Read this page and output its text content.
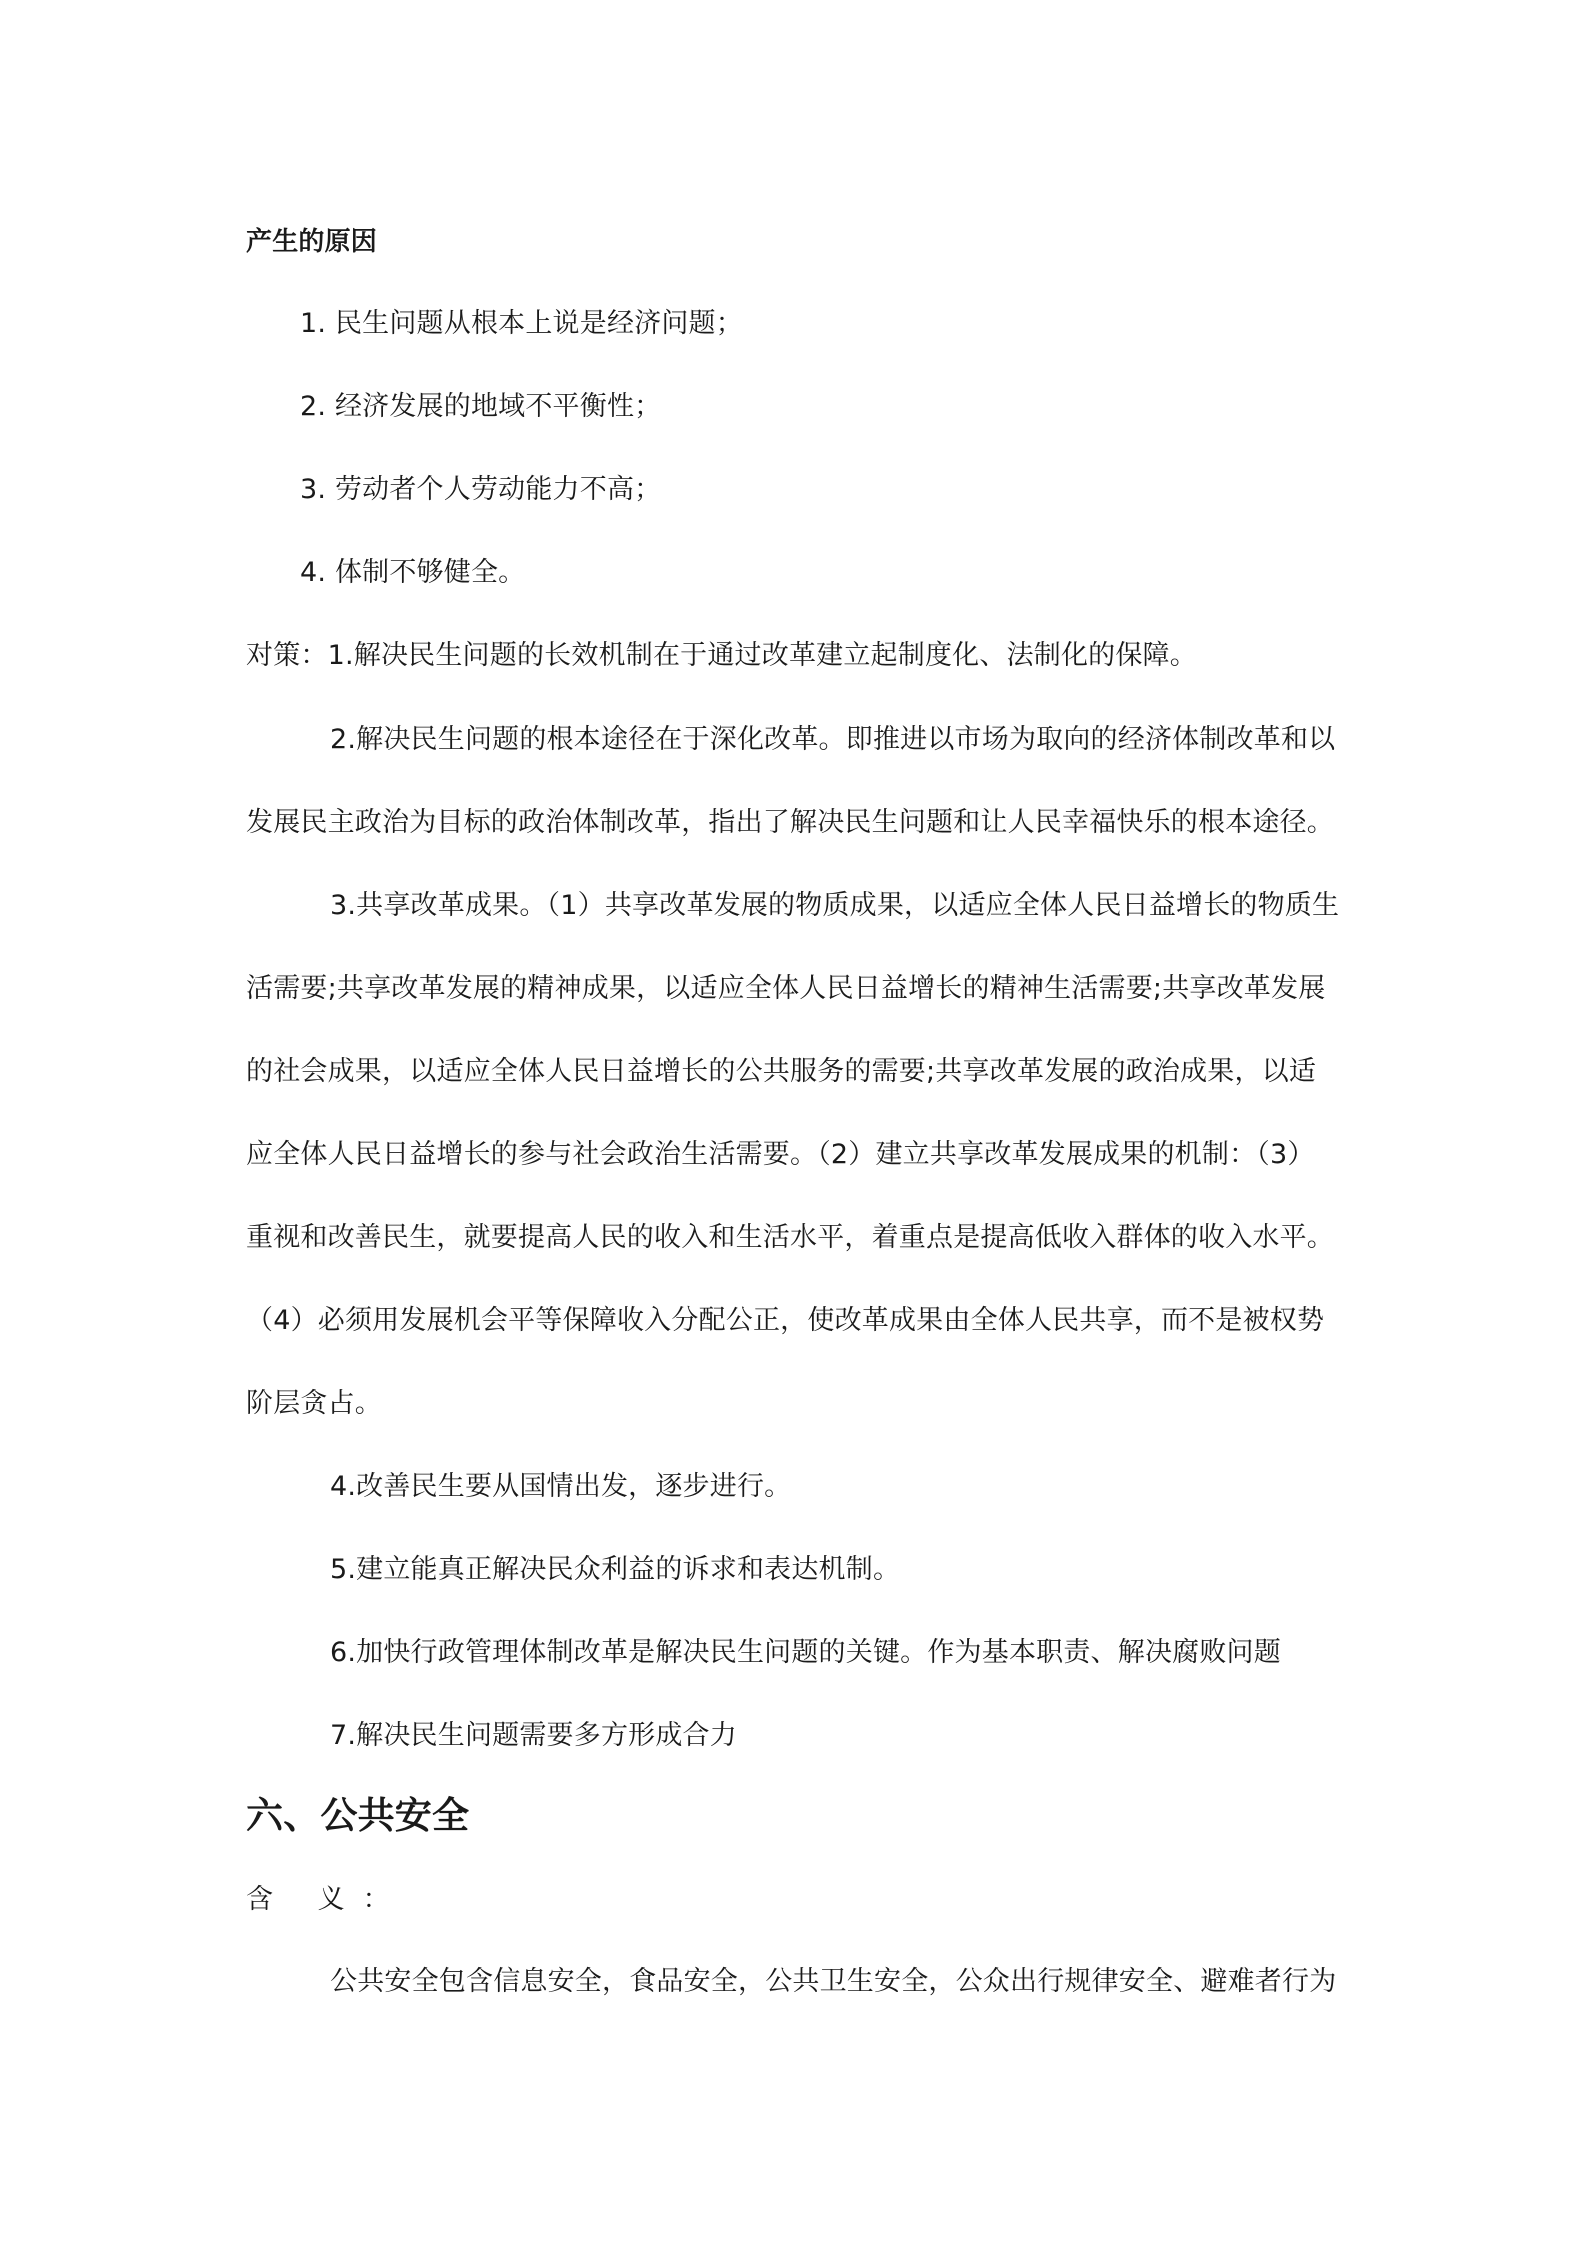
产生的原因
1. 民生问题从根本上说是经济问题；
2. 经济发展的地域不平衡性；
3. 劳动者个人劳动能力不高；
4. 体制不够健全。
对策：1.解决民生问题的长效机制在于通过改革建立起制度化、法制化的保障。
2.解决民生问题的根本途径在于深化改革。即推进以市场为取向的经济体制改革和以
发展民主政治为目标的政治体制改革，指出了解决民生问题和让人民幸福快乐的根本途径。
3.共享改革成果。（1）共享改革发展的物质成果，以适应全体人民日益增长的物质生
活需要;共享改革发展的精神成果，以适应全体人民日益增长的精神生活需要;共享改革发展
的社会成果，以适应全体人民日益增长的公共服务的需要;共享改革发展的政治成果，以适
应全体人民日益增长的参与社会政治生活需要。（2）建立共享改革发展成果的机制：（3）
重视和改善民生，就要提高人民的收入和生活水平，着重点是提高低收入群体的收入水平。
（4）必须用发展机会平等保障收入分配公正，使改革成果由全体人民共享，而不是被权势
阶层贪占。
4.改善民生要从国情出发，逐步进行。
5.建立能真正解决民众利益的诉求和表达机制。
6.加快行政管理体制改革是解决民生问题的关键。作为基本职责、解决腐败问题
7.解决民生问题需要多方形成合力
六、公共安全
含 义：
公共安全包含信息安全，食品安全，公共卫生安全，公众出行规律安全、避难者行为
